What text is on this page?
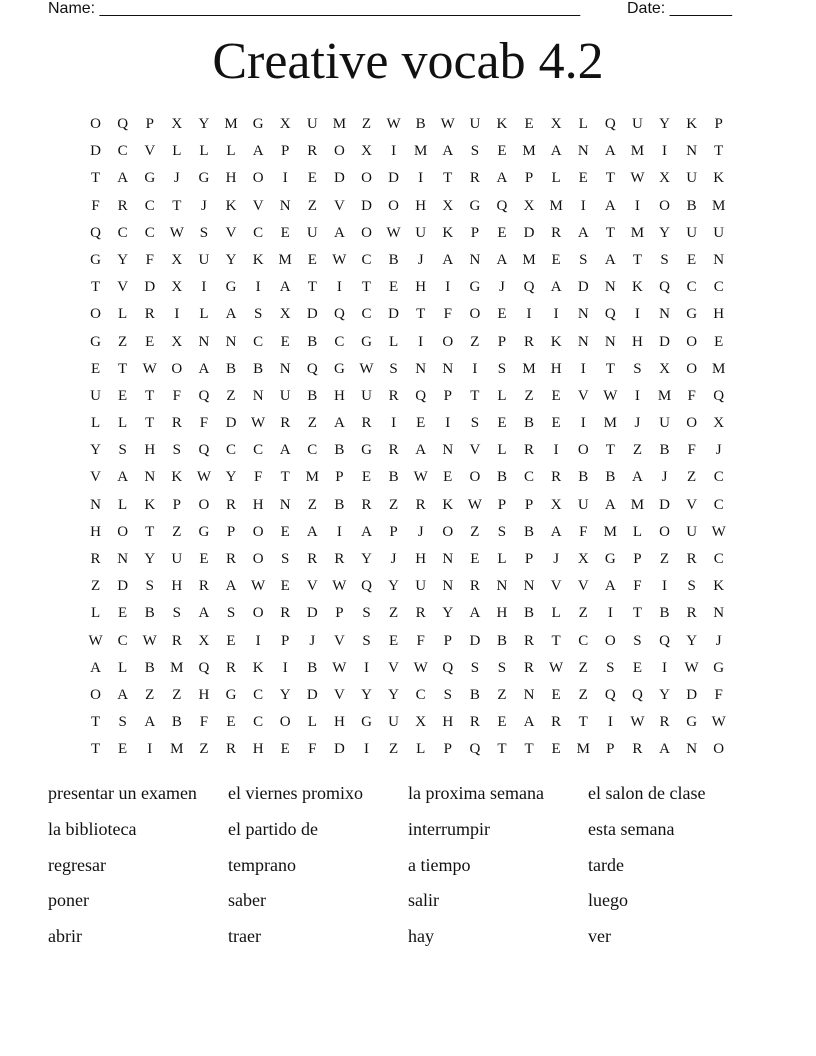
Name: ______________________________________________________

	Date: _______

Creative vocab 4.2
O	Q	P	X	Y	M	G	X	U	M	Z	W	B	W U	K	E	X	L	Q	U	Y	K	P
D	C	V	L	L	L	A	P	R	O	X	I	M	A	S	E	M	A	N	A	M	I	N	T
T	A	G	J	G	H	O	I	E	D	O	D	I	T	R	A	P	L	E	T	W X	U	K
F	R	C	T	J	K	V	N	Z	V	D	O	H	X	G	Q	X	M	I	A	I	O	B	M
Q	C	C	W	S	V	C	E	U	A	O W U	K	P	E	D	R	A	T	M	Y	U	U
G	Y	F	X	U	Y	K	M	E	W	C	B	J	A	N	A	M	E	S	A	T	S	E	N
T	V	D	X	I	G	I	A	T	I	T	E	H	I	G	J	Q	A	D	N	K	Q	C	C
O	L	R	I	L	A	S	X	D	Q	C	D	T	F	O	E	I	I	N	Q	I	N	G	H
G	Z	E	X	N	N	C	E	B	C	G	L	I	O	Z	P	R	K	N	N	H	D	O	E
E	T	W O	A	B	B	N	Q	G W	S	N	N	I	S	M	H	I	T	S	X	O	M
U	E	T	F	Q	Z	N	U	B	H	U	R	Q	P	T	L	Z	E	V W	I	M	F	Q
L	L	T	R	F	D W	R	Z	A	R	I	E	I	S	E	B	E	I	M	J	U	O	X
Y	S	H	S	Q	C	C	A	C	B	G	R	A	N	V	L	R	I	O	T	Z	B	F	J
V	A	N	K W Y	F	T	M	P	E	B	W	E	O	B	C	R	B	B	A	J	Z	C
N	L	K	P	O	R	H	N	Z	B	R	Z	R	K W	P	P	X	U	A	M	D	V	C
H	O	T	Z	G	P	O	E	A	I	A	P	J	O	Z	S	B	A	F	M	L	O	U W
R	N	Y	U	E	R	O	S	R	R	Y	J	H	N	E	L	P	J	X	G	P	Z	R	C
Z	D	S	H	R	A W	E	V W Q	Y	U	N	R	N	N	V	V	A	F	I	S	K
L	E	B	S	A	S	O	R	D	P	S	Z	R	Y	A	H	B	L	Z	I	T	B	R	N
W	C	W	R	X	E	I	P	J	V	S	E	F	P	D	B	R	T	C	O	S	Q	Y	J
A	L	B	M	Q	R	K	I	B	W	I	V W Q	S	S	R	W	Z	S	E	I	W G
O	A	Z	Z	H	G	C	Y	D	V	Y	Y	C	S	B	Z	N	E	Z	Q	Q	Y	D	F
T	S	A	B	F	E	C	O	L	H	G	U	X	H	R	E	A	R	T	I	W	R	G W
T	E	I	M	Z	R	H	E	F	D	I	Z	L	P	Q	T	T	E	M	P	R	A	N	O
presentar un examen	el viernes promixo	la proxima semana	el salon de clase
la biblioteca	el partido de	interrumpir	esta semana
regresar	temprano	a tiempo	tarde
poner	saber	salir	luego
abrir	traer	hay	ver
